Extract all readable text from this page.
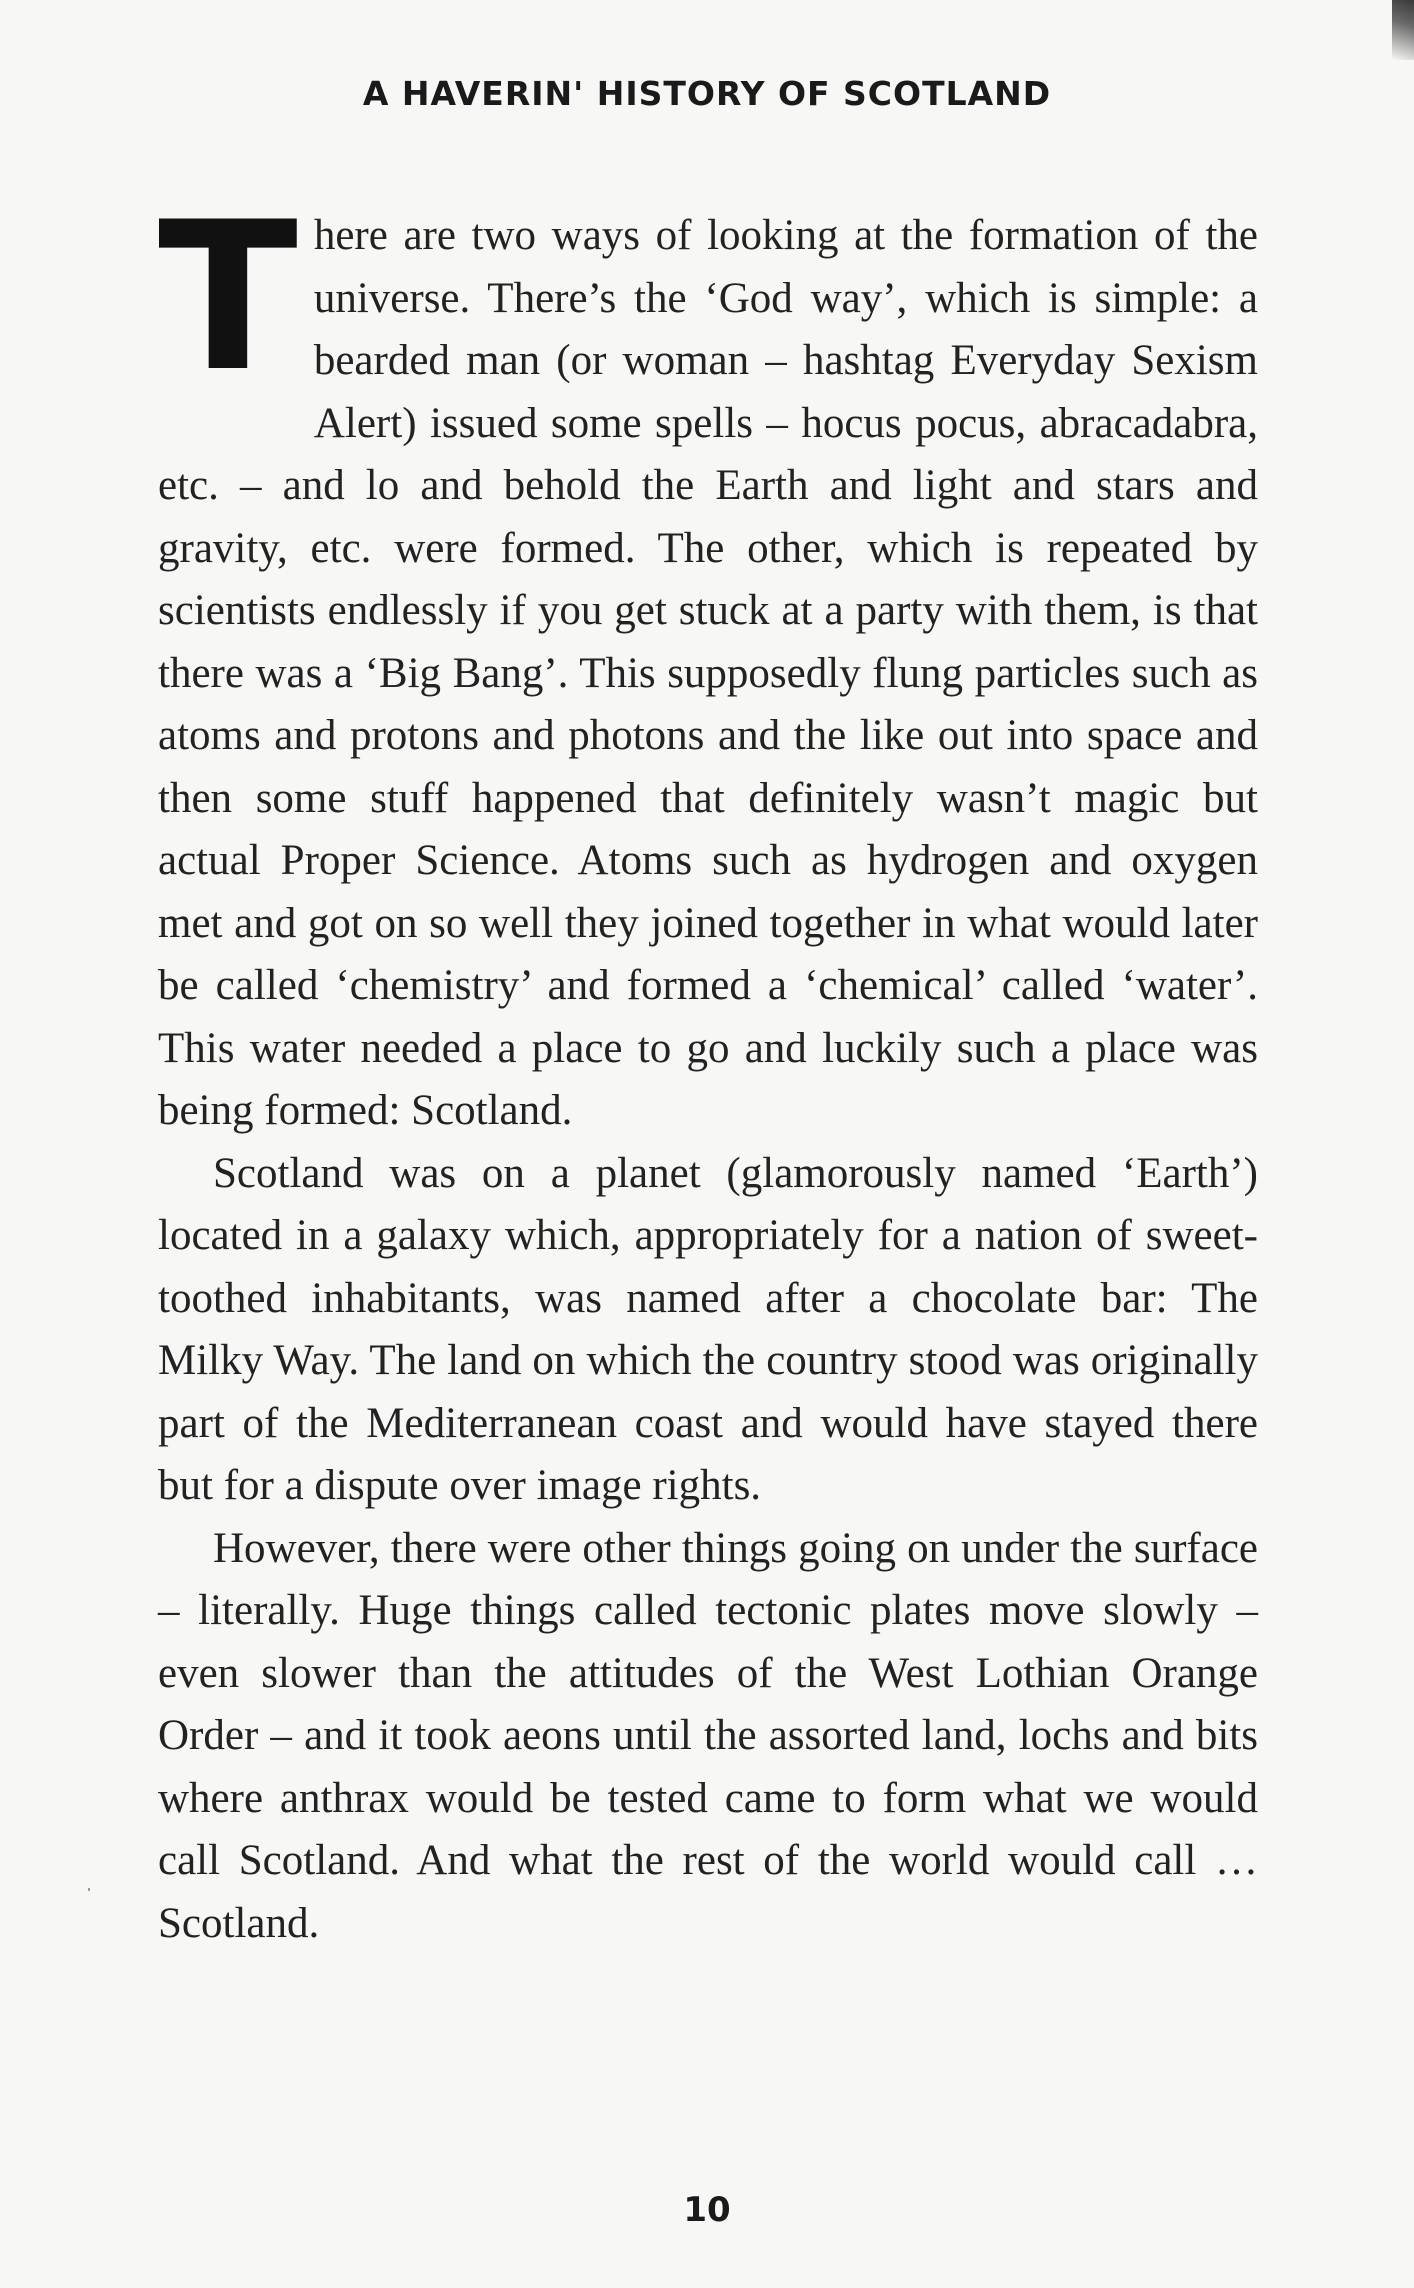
A HAVERIN' HISTORY OF SCOTLAND

There are two ways of looking at the formation of the universe. There’s the ‘God way’, which is simple: a bearded man (or woman – hashtag Everyday Sexism Alert) issued some spells – hocus pocus, abracadabra, etc. – and lo and behold the Earth and light and stars and gravity, etc. were formed. The other, which is repeated by scientists endlessly if you get stuck at a party with them, is that there was a ‘Big Bang’. This supposedly flung particles such as atoms and protons and photons and the like out into space and then some stuff happened that definitely wasn’t magic but actual Proper Science. Atoms such as hydrogen and oxygen met and got on so well they joined together in what would later be called ‘chemistry’ and formed a ‘chemical’ called ‘water’. This water needed a place to go and luckily such a place was being formed: Scotland.

Scotland was on a planet (glamorously named ‘Earth’) located in a galaxy which, appropriately for a nation of sweet-toothed inhabitants, was named after a chocolate bar: The Milky Way. The land on which the country stood was originally part of the Mediterranean coast and would have stayed there but for a dispute over image rights.

However, there were other things going on under the surface – literally. Huge things called tectonic plates move slowly – even slower than the attitudes of the West Lothian Orange Order – and it took aeons until the assorted land, lochs and bits where anthrax would be tested came to form what we would call Scotland. And what the rest of the world would call … Scotland.

10
